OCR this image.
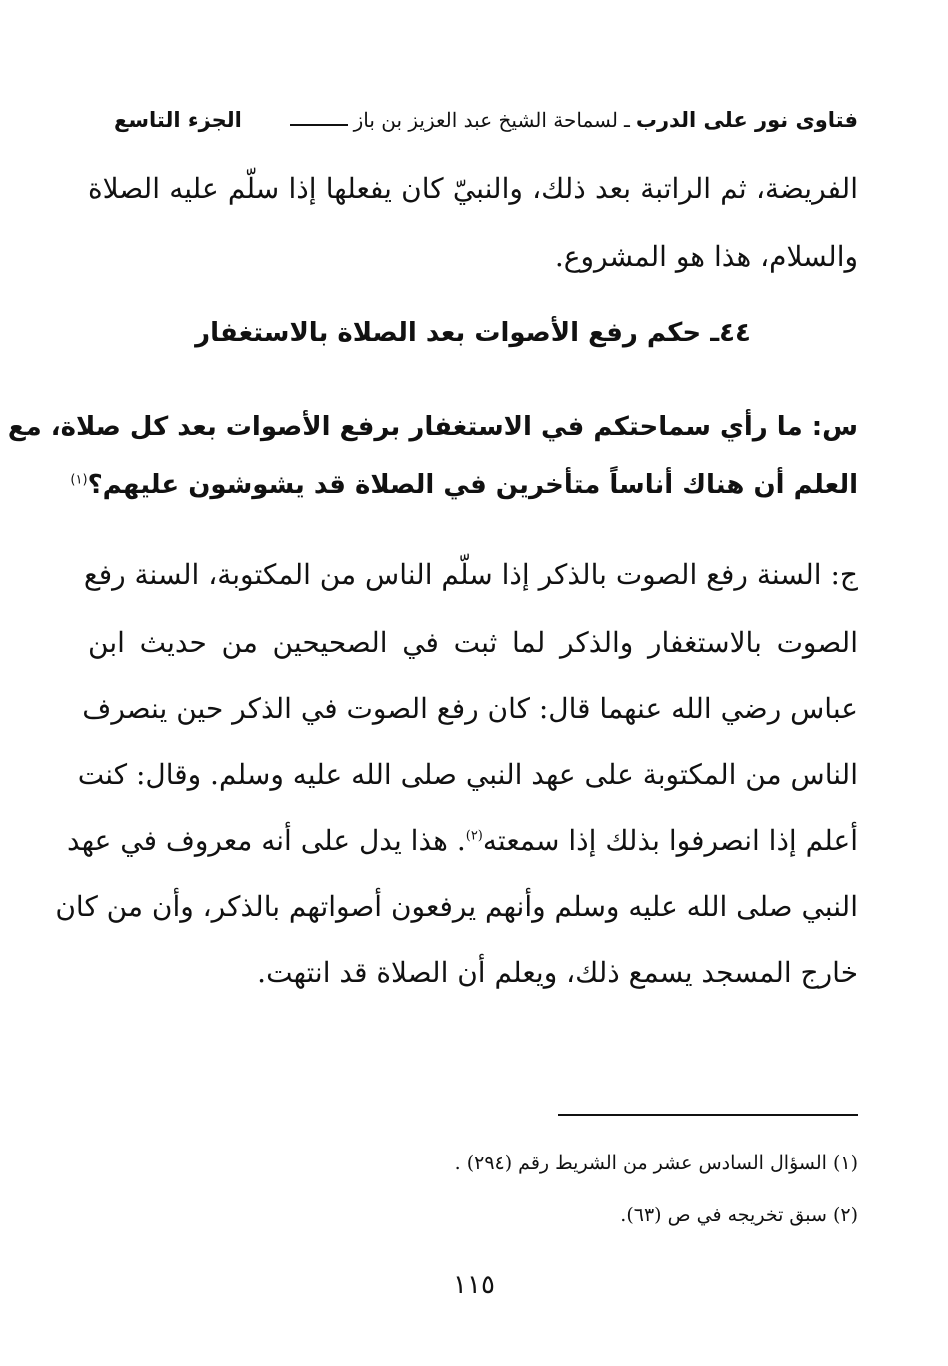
فتاوى نور على الدرب
ـ
لسماحة الشيخ عبد العزيز بن باز
الجزء التاسع
الفريضة، ثم الراتبة بعد ذلك، والنبيّ كان يفعلها إذا سلّم عليه الصلاة
والسلام، هذا هو المشروع.
٤٤ـ حكم رفع الأصوات بعد الصلاة بالاستغفار
س: ما رأي سماحتكم في الاستغفار برفع الأصوات بعد كل صلاة، مع
العلم أن هناك أناساً متأخرين في الصلاة قد يشوشون عليهم؟$^{(١)}$
ج: السنة رفع الصوت بالذكر إذا سلّم الناس من المكتوبة، السنة رفع
الصوت بالاستغفار والذكر لما ثبت في الصحيحين من حديث ابن
عباس رضي الله عنهما قال: كان رفع الصوت في الذكر حين ينصرف
الناس من المكتوبة على عهد النبي صلى الله عليه وسلم. وقال: كنت
أعلم إذا انصرفوا بذلك إذا سمعته$^{(٢)}$. هذا يدل على أنه معروف في عهد
النبي صلى الله عليه وسلم وأنهم يرفعون أصواتهم بالذكر، وأن من كان
خارج المسجد يسمع ذلك، ويعلم أن الصلاة قد انتهت.
(١) السؤال السادس عشر من الشريط رقم (٢٩٤) .
(٢) سبق تخريجه في ص (٦٣).
١١٥
